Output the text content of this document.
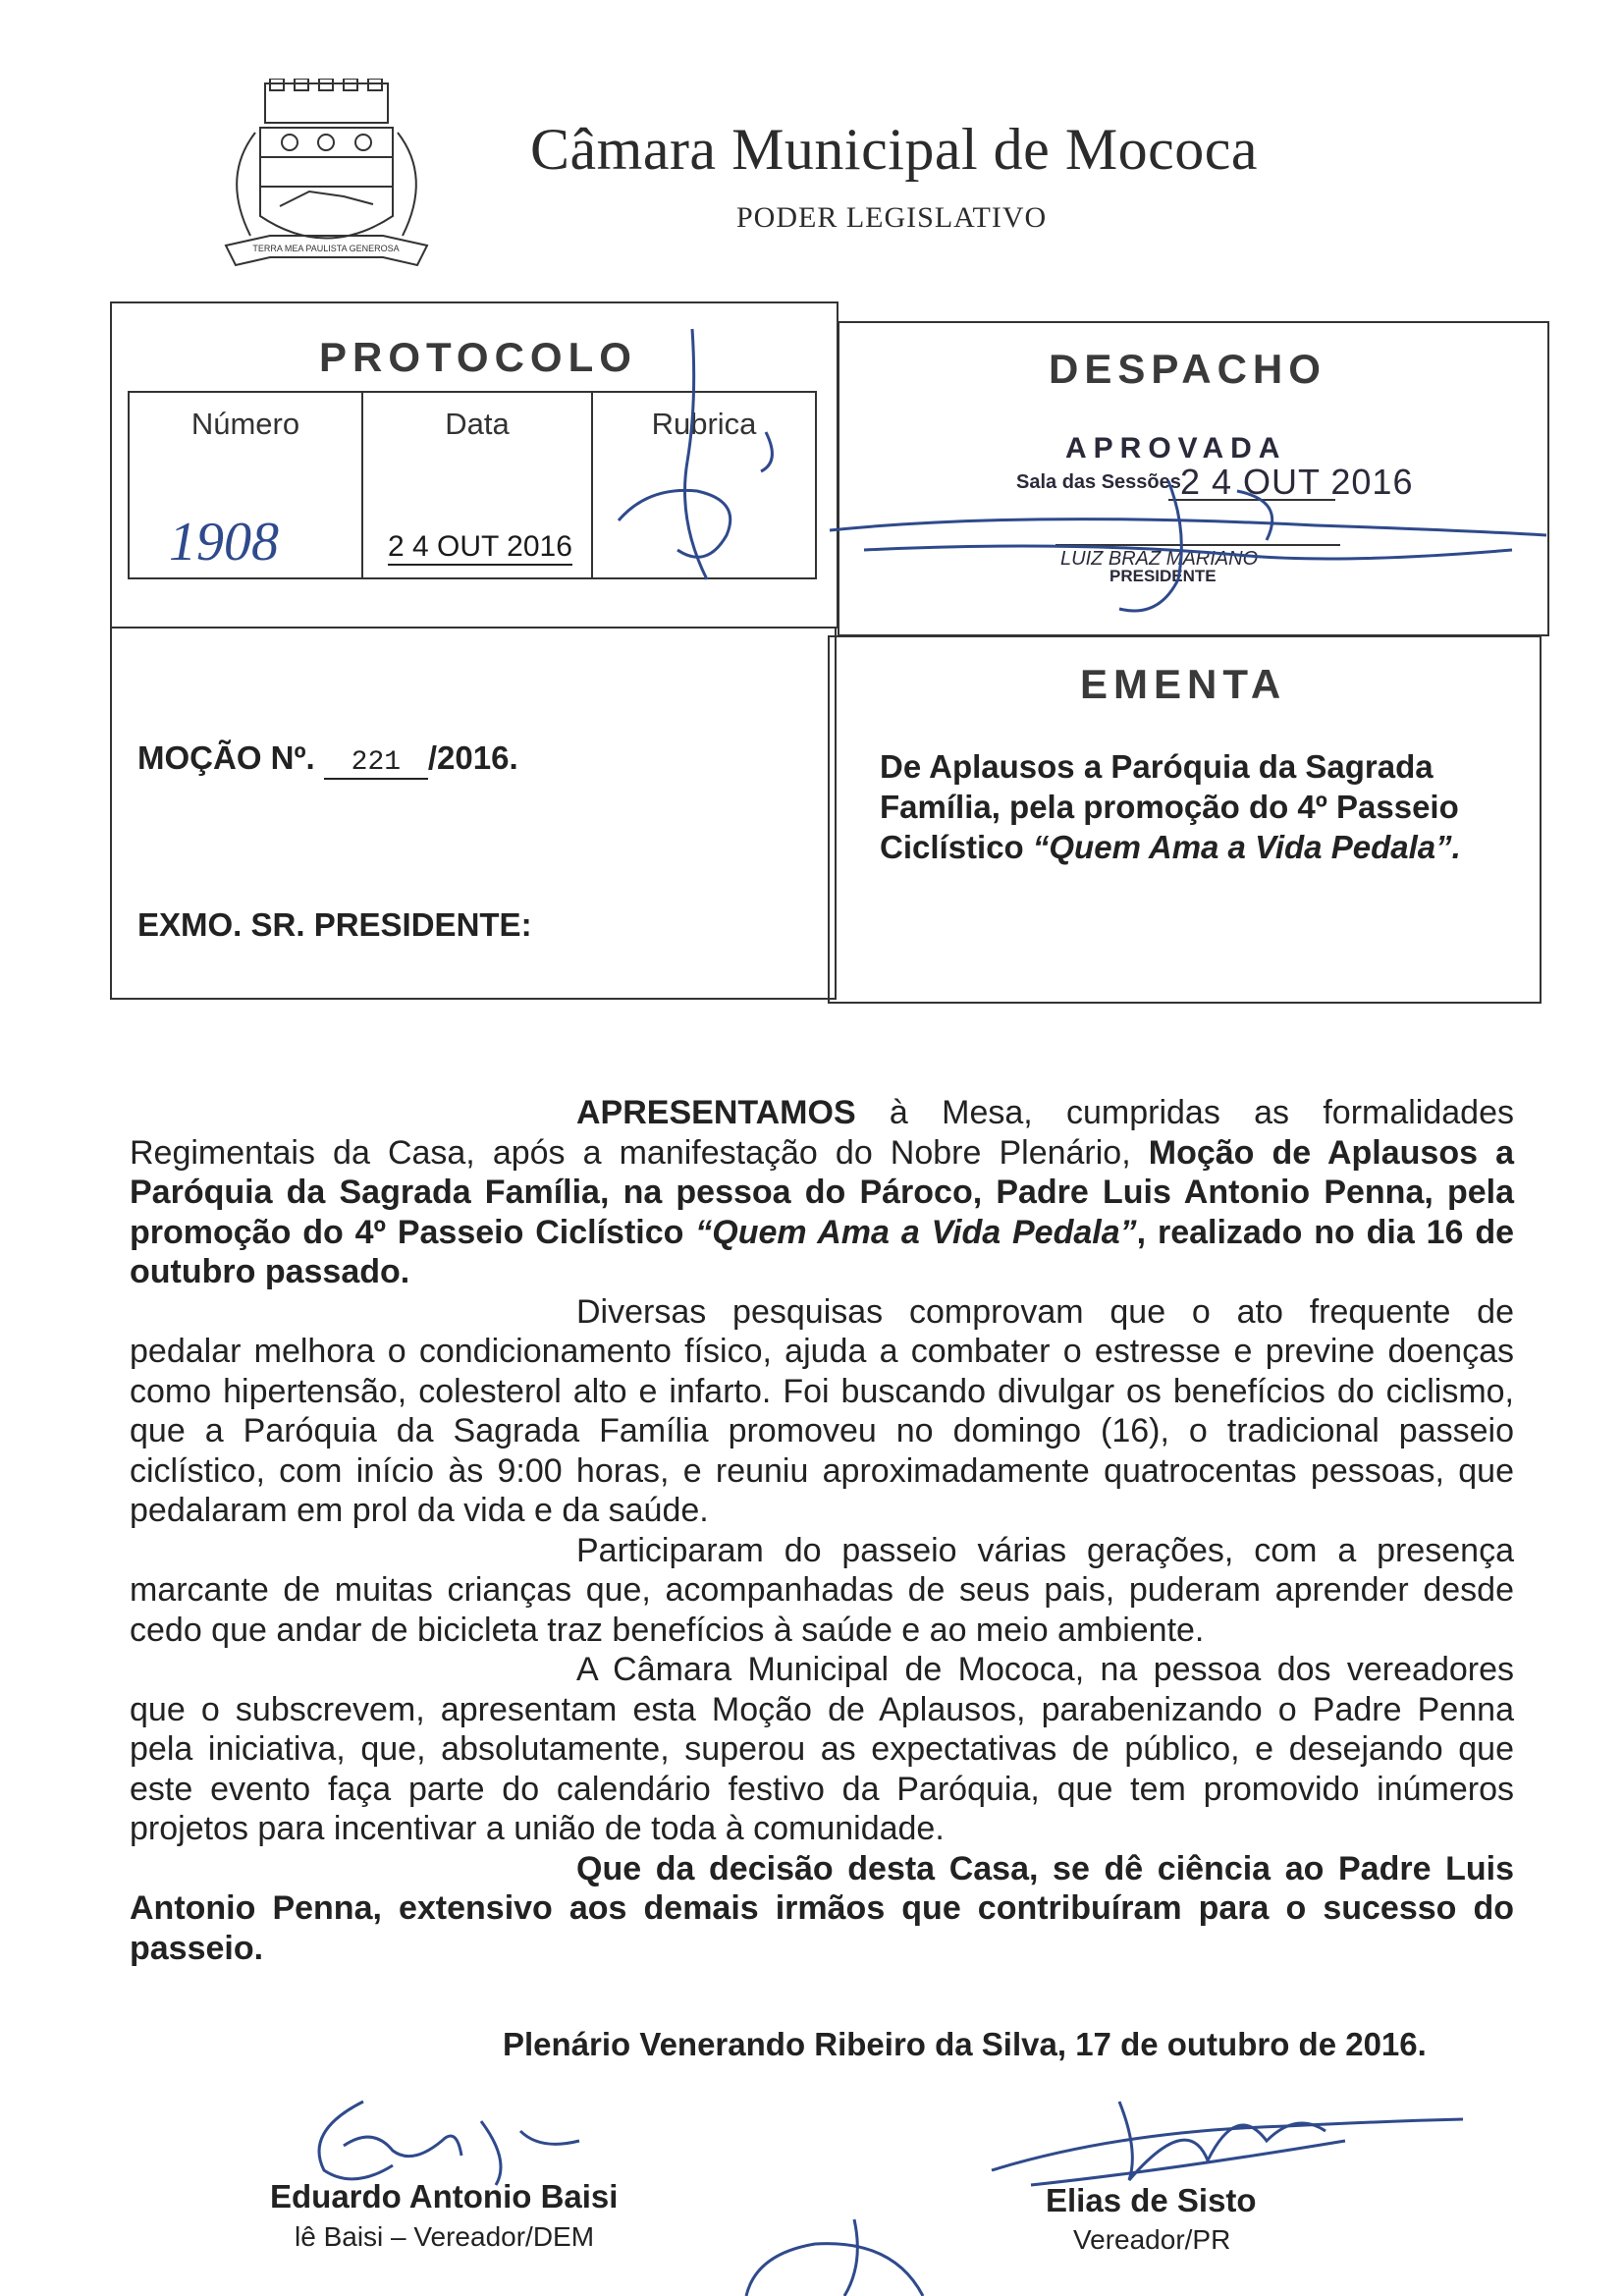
TERRA MEA PAULISTA GENEROSA
Câmara Municipal de Mococa
PODER LEGISLATIVO
PROTOCOLO
Número
1908
Data
2 4 OUT 2016
Rubrica
DESPACHO
APROVADA
Sala das Sessões 2 4 OUT 2016
LUIZ BRAZ MARIANO
PRESIDENTE
EMENTA
De Aplausos a Paróquia da Sagrada Família, pela promoção do 4º Passeio Ciclístico “Quem Ama a Vida Pedala”.
MOÇÃO Nº. 221 /2016.
EXMO. SR. PRESIDENTE:

APRESENTAMOS à Mesa, cumpridas as formalidades Regimentais da Casa, após a manifestação do Nobre Plenário, Moção de Aplausos a Paróquia da Sagrada Família, na pessoa do Pároco, Padre Luis Antonio Penna, pela promoção do 4º Passeio Ciclístico “Quem Ama a Vida Pedala”, realizado no dia 16 de outubro passado.

Diversas pesquisas comprovam que o ato frequente de pedalar melhora o condicionamento físico, ajuda a combater o estresse e previne doenças como hipertensão, colesterol alto e infarto. Foi buscando divulgar os benefícios do ciclismo, que a Paróquia da Sagrada Família promoveu no domingo (16), o tradicional passeio ciclístico, com início às 9:00 horas, e reuniu aproximadamente quatrocentas pessoas, que pedalaram em prol da vida e da saúde.

Participaram do passeio várias gerações, com a presença marcante de muitas crianças que, acompanhadas de seus pais, puderam aprender desde cedo que andar de bicicleta traz benefícios à saúde e ao meio ambiente.

A Câmara Municipal de Mococa, na pessoa dos vereadores que o subscrevem, apresentam esta Moção de Aplausos, parabenizando o Padre Penna pela iniciativa, que, absolutamente, superou as expectativas de público, e desejando que este evento faça parte do calendário festivo da Paróquia, que tem promovido inúmeros projetos para incentivar a união de toda à comunidade.

Que da decisão desta Casa, se dê ciência ao Padre Luis Antonio Penna, extensivo aos demais irmãos que contribuíram para o sucesso do passeio.

Plenário Venerando Ribeiro da Silva, 17 de outubro de 2016.
Eduardo Antonio Baisi
lê Baisi – Vereador/DEM
Elias de Sisto
Vereador/PR
